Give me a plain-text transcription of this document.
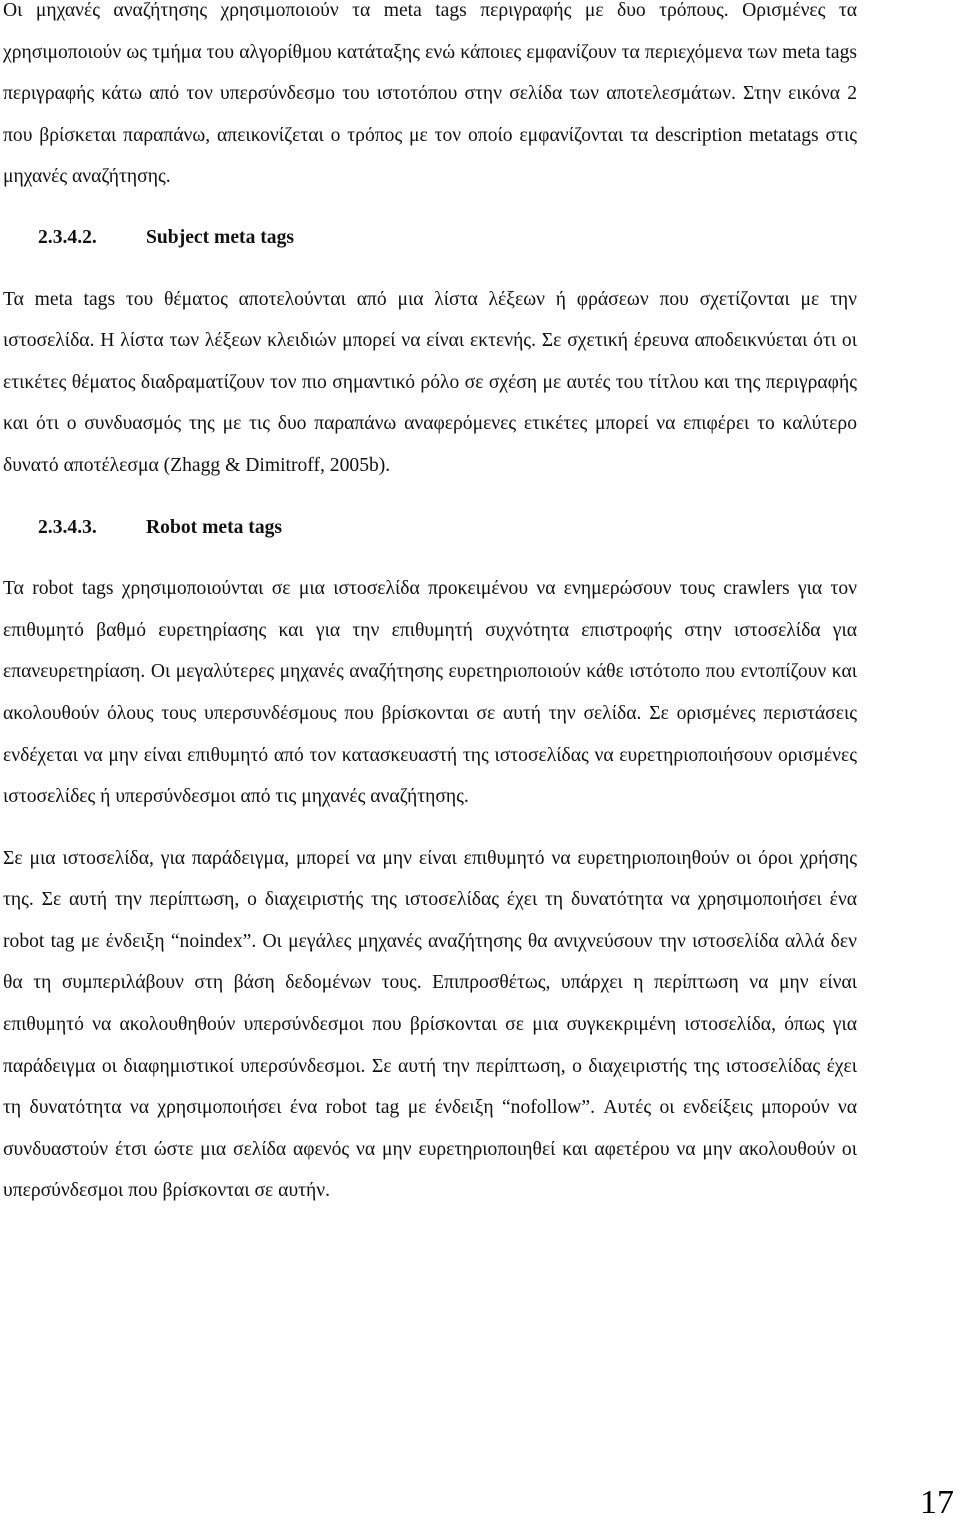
Οι μηχανές αναζήτησης χρησιμοποιούν τα meta tags περιγραφής με δυο τρόπους. Ορισμένες τα χρησιμοποιούν ως τμήμα του αλγορίθμου κατάταξης ενώ κάποιες εμφανίζουν τα περιεχόμενα των meta tags περιγραφής κάτω από τον υπερσύνδεσμο του ιστοτόπου στην σελίδα των αποτελεσμάτων. Στην εικόνα 2 που βρίσκεται παραπάνω, απεικονίζεται ο τρόπος με τον οποίο εμφανίζονται τα description metatags στις μηχανές αναζήτησης.

2.3.4.2.	Subject meta tags

Τα meta tags του θέματος αποτελούνται από μια λίστα λέξεων ή φράσεων που σχετίζονται με την ιστοσελίδα. Η λίστα των λέξεων κλειδιών μπορεί να είναι εκτενής. Σε σχετική έρευνα αποδεικνύεται ότι οι ετικέτες θέματος διαδραματίζουν τον πιο σημαντικό ρόλο σε σχέση με αυτές του τίτλου και της περιγραφής και ότι ο συνδυασμός της με τις δυο παραπάνω αναφερόμενες ετικέτες μπορεί να επιφέρει το καλύτερο δυνατό αποτέλεσμα (Zhagg & Dimitroff, 2005b).

2.3.4.3.	Robot meta tags

Τα robot tags χρησιμοποιούνται σε μια ιστοσελίδα προκειμένου να ενημερώσουν τους crawlers για τον επιθυμητό βαθμό ευρετηρίασης και για την επιθυμητή συχνότητα επιστροφής στην ιστοσελίδα για επανευρετηρίαση. Οι μεγαλύτερες μηχανές αναζήτησης ευρετηριοποιούν κάθε ιστότοπο που εντοπίζουν και ακολουθούν όλους τους υπερσυνδέσμους που βρίσκονται σε αυτή την σελίδα. Σε ορισμένες περιστάσεις ενδέχεται να μην είναι επιθυμητό από τον κατασκευαστή της ιστοσελίδας να ευρετηριοποιήσουν ορισμένες ιστοσελίδες ή υπερσύνδεσμοι από τις μηχανές αναζήτησης.

Σε μια ιστοσελίδα, για παράδειγμα, μπορεί να μην είναι επιθυμητό να ευρετηριοποιηθούν οι όροι χρήσης της. Σε αυτή την περίπτωση, ο διαχειριστής της ιστοσελίδας έχει τη δυνατότητα να χρησιμοποιήσει ένα robot tag με ένδειξη “noindex”. Οι μεγάλες μηχανές αναζήτησης θα ανιχνεύσουν την ιστοσελίδα αλλά δεν θα τη συμπεριλάβουν στη βάση δεδομένων τους. Επιπροσθέτως, υπάρχει η περίπτωση να μην είναι επιθυμητό να ακολουθηθούν υπερσύνδεσμοι που βρίσκονται σε μια συγκεκριμένη ιστοσελίδα, όπως για παράδειγμα οι διαφημιστικοί υπερσύνδεσμοι. Σε αυτή την περίπτωση, ο διαχειριστής της ιστοσελίδας έχει τη δυνατότητα να χρησιμοποιήσει ένα robot tag με ένδειξη “nofollow”. Αυτές οι ενδείξεις μπορούν να συνδυαστούν έτσι ώστε μια σελίδα αφενός να μην ευρετηριοποιηθεί και αφετέρου να μην ακολουθούν οι υπερσύνδεσμοι που βρίσκονται σε αυτήν.

17
